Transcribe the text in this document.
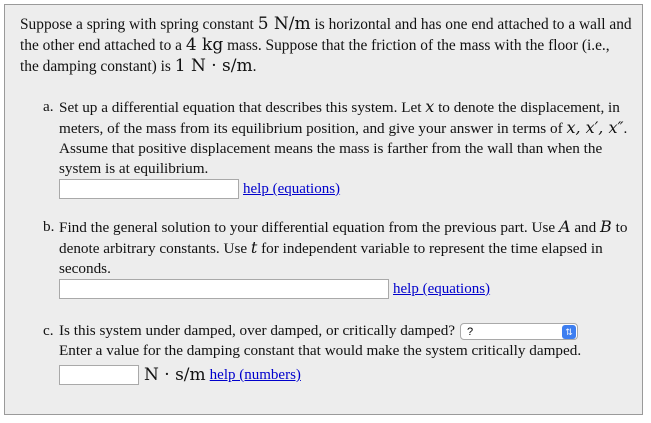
Suppose a spring with spring constant 5 N/m is horizontal and has one end attached to a wall and the other end attached to a 4 kg mass. Suppose that the friction of the mass with the floor (i.e., the damping constant) is 1 N · s/m.
a. Set up a differential equation that describes this system. Let x to denote the displacement, in meters, of the mass from its equilibrium position, and give your answer in terms of x, x′, x″. Assume that positive displacement means the mass is farther from the wall than when the system is at equilibrium.
help (equations)
b. Find the general solution to your differential equation from the previous part. Use A and B to denote arbitrary constants. Use t for independent variable to represent the time elapsed in seconds.
help (equations)
c. Is this system under damped, over damped, or critically damped? ?	⇅

Enter a value for the damping constant that would make the system critically damped.
N · s/m help (numbers)
